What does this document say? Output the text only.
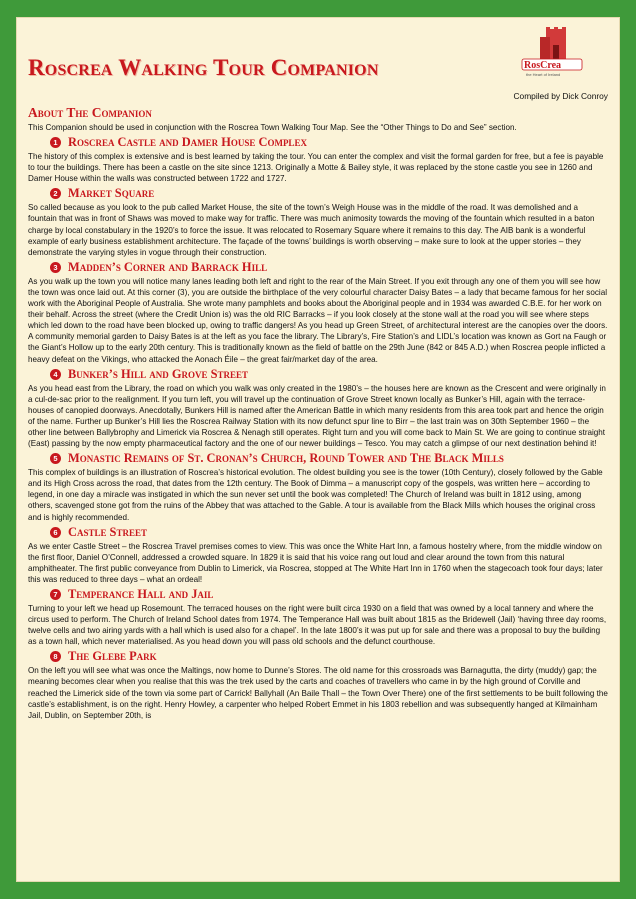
Roscrea Walking Tour Companion	RosCrea
the Heart of Ireland
Compiled by Dick Conroy
About The Companion
This Companion should be used in conjunction with the Roscrea Town Walking Tour Map. See the “Other Things to Do and See” section.
1 Roscrea Castle and Damer House Complex
The history of this complex is extensive and is best learned by taking the tour. You can enter the complex and visit the formal garden for free, but a fee is payable to tour the buildings. There has been a castle on the site since 1213. Originally a Motte & Bailey style, it was replaced by the stone castle you see in 1260 and Damer House within the walls was constructed between 1722 and 1727.
2 Market Square
So called because as you look to the pub called Market House, the site of the town’s Weigh House was in the middle of the road. It was demolished and a fountain that was in front of Shaws was moved to make way for traffic. There was much animosity towards the moving of the fountain which resulted in a baton charge by local constabulary in the 1920’s to force the issue. It was relocated to Rosemary Square where it remains to this day. The AIB bank is a wonderful example of early business establishment architecture. The façade of the towns’ buildings is worth observing – make sure to look at the upper stories – they demonstrate the varying styles in vogue through their construction.
3 Madden’s Corner and Barrack Hill
As you walk up the town you will notice many lanes leading both left and right to the rear of the Main Street. If you exit through any one of them you will see how the town was once laid out. At this corner (3), you are outside the birthplace of the very colourful character Daisy Bates – a lady that became famous for her social work with the Aboriginal People of Australia. She wrote many pamphlets and books about the Aboriginal people and in 1934 was awarded C.B.E. for her work on their behalf. Across the street (where the Credit Union is) was the old RIC Barracks – if you look closely at the stone wall at the road you will see where steps which led down to the road have been blocked up, owing to traffic dangers! As you head up Green Street, of architectural interest are the canopies over the doors. A community memorial garden to Daisy Bates is at the left as you face the library. The Library’s, Fire Station’s and LIDL’s location was known as Gort na Faugh or the Giant’s Hollow up to the early 20th century. This is traditionally known as the field of battle on the 29th June (842 or 845 A.D.) when Roscrea people inflicted a heavy defeat on the Vikings, who attacked the Aonach Éile – the great fair/market day of the area.
4 Bunker’s Hill and Grove Street
As you head east from the Library, the road on which you walk was only created in the 1980’s – the houses here are known as the Crescent and were originally in a cul-de-sac prior to the realignment. If you turn left, you will travel up the continuation of Grove Street known locally as Bunker’s Hill, again with the terrace-houses of canopied doorways. Anecdotally, Bunkers Hill is named after the American Battle in which many residents from this area took part and hence the origin of the name. Further up Bunker’s Hill lies the Roscrea Railway Station with its now defunct spur line to Birr – the last train was on 30th September 1960 – the other line between Ballybrophy and Limerick via Roscrea & Nenagh still operates. Right turn and you will come back to Main St. We are going to continue straight (East) passing by the now empty pharmaceutical factory and the one of our newer buildings – Tesco. You may catch a glimpse of our next destination behind it!
5 Monastic Remains of St. Cronan’s Church, Round Tower and The Black Mills
This complex of buildings is an illustration of Roscrea’s historical evolution. The oldest building you see is the tower (10th Century), closely followed by the Gable and its High Cross across the road, that dates from the 12th century. The Book of Dimma – a manuscript copy of the gospels, was written here – according to legend, in one day a miracle was instigated in which the sun never set until the book was completed! The Church of Ireland was built in 1812 using, among others, scavenged stone got from the ruins of the Abbey that was attached to the Gable. A tour is available from the Black Mills which houses the original cross and is highly recommended.
6 Castle Street
As we enter Castle Street – the Roscrea Travel premises comes to view. This was once the White Hart Inn, a famous hostelry where, from the middle window on the first floor, Daniel O’Connell, addressed a crowded square. In 1829 it is said that his voice rang out loud and clear around the town from this natural amphitheater. The first public conveyance from Dublin to Limerick, via Roscrea, stopped at The White Hart Inn in 1760 when the stagecoach took four days; later this was reduced to three days – what an ordeal!
7 Temperance Hall and Jail
Turning to your left we head up Rosemount. The terraced houses on the right were built circa 1930 on a field that was owned by a local tannery and where the circus used to perform. The Church of Ireland School dates from 1974. The Temperance Hall was built about 1815 as the Bridewell (Jail) ‘having three day rooms, twelve cells and two airing yards with a hall which is used also for a chapel’. In the late 1800’s it was put up for sale and there was a proposal to buy the building as a town hall, which never materialised. As you head down you will pass old schools and the defunct courthouse.
8 The Glebe Park
On the left you will see what was once the Maltings, now home to Dunne’s Stores. The old name for this crossroads was Barnagutta, the dirty (muddy) gap; the meaning becomes clear when you realise that this was the trek used by the carts and coaches of travellers who came in by the high ground of Corville and reached the Limerick side of the town via some part of Carrick! Ballyhall (An Baile Thall – the Town Over There) one of the first settlements to be built following the castle’s establishment, is on the right. Henry Howley, a carpenter who helped Robert Emmet in his 1803 rebellion and was subsequently hanged at Kilmainham Jail, Dublin, on September 20th, is
